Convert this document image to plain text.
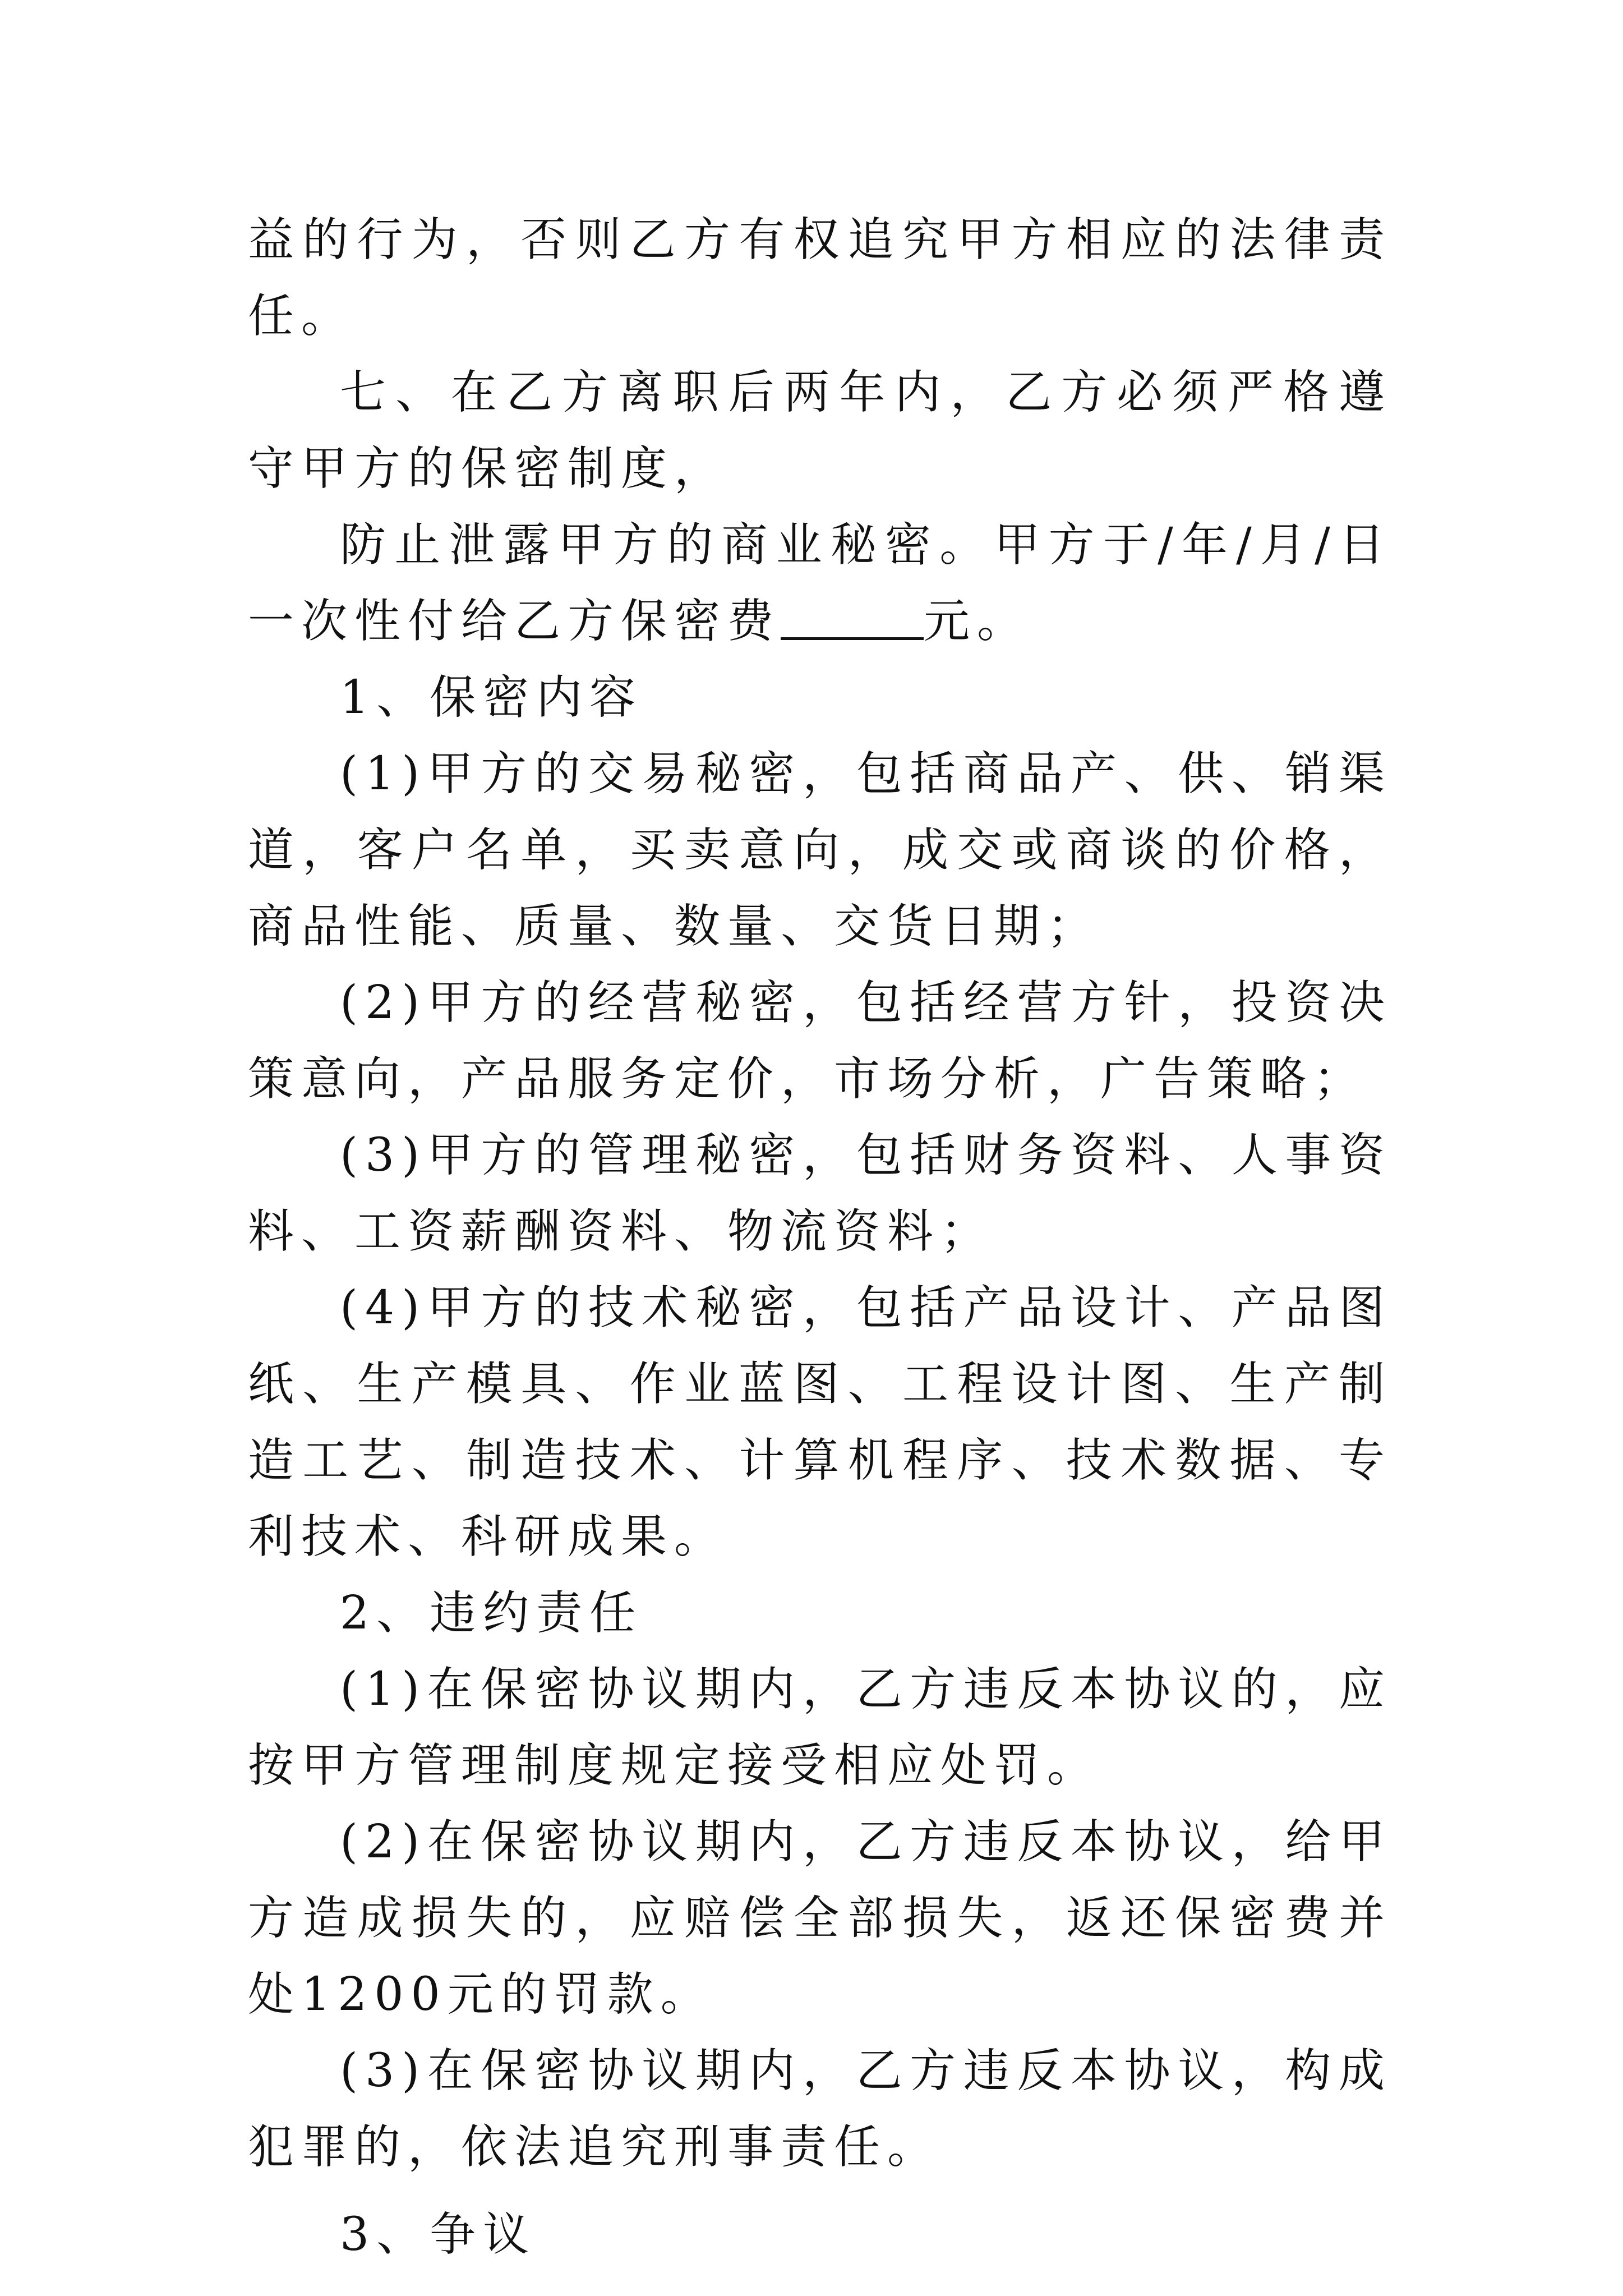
益的行为，否则乙方有权追究甲方相应的法律责任。

七、在乙方离职后两年内，乙方必须严格遵守甲方的保密制度，

防止泄露甲方的商业秘密。甲方于/年/月/日一次性付给乙方保密费	元。

1、保密内容

(1)甲方的交易秘密，包括商品产、供、销渠道，客户名单，买卖意向，成交或商谈的价格，商品性能、质量、数量、交货日期；

(2)甲方的经营秘密，包括经营方针，投资决策意向，产品服务定价，市场分析，广告策略；

(3)甲方的管理秘密，包括财务资料、人事资料、工资薪酬资料、物流资料；

(4)甲方的技术秘密，包括产品设计、产品图纸、生产模具、作业蓝图、工程设计图、生产制造工艺、制造技术、计算机程序、技术数据、专利技术、科研成果。

2、违约责任

(1)在保密协议期内，乙方违反本协议的，应按甲方管理制度规定接受相应处罚。

(2)在保密协议期内，乙方违反本协议，给甲方造成损失的，应赔偿全部损失，返还保密费并处1200元的罚款。

(3)在保密协议期内，乙方违反本协议，构成犯罪的，依法追究刑事责任。

3、争议
